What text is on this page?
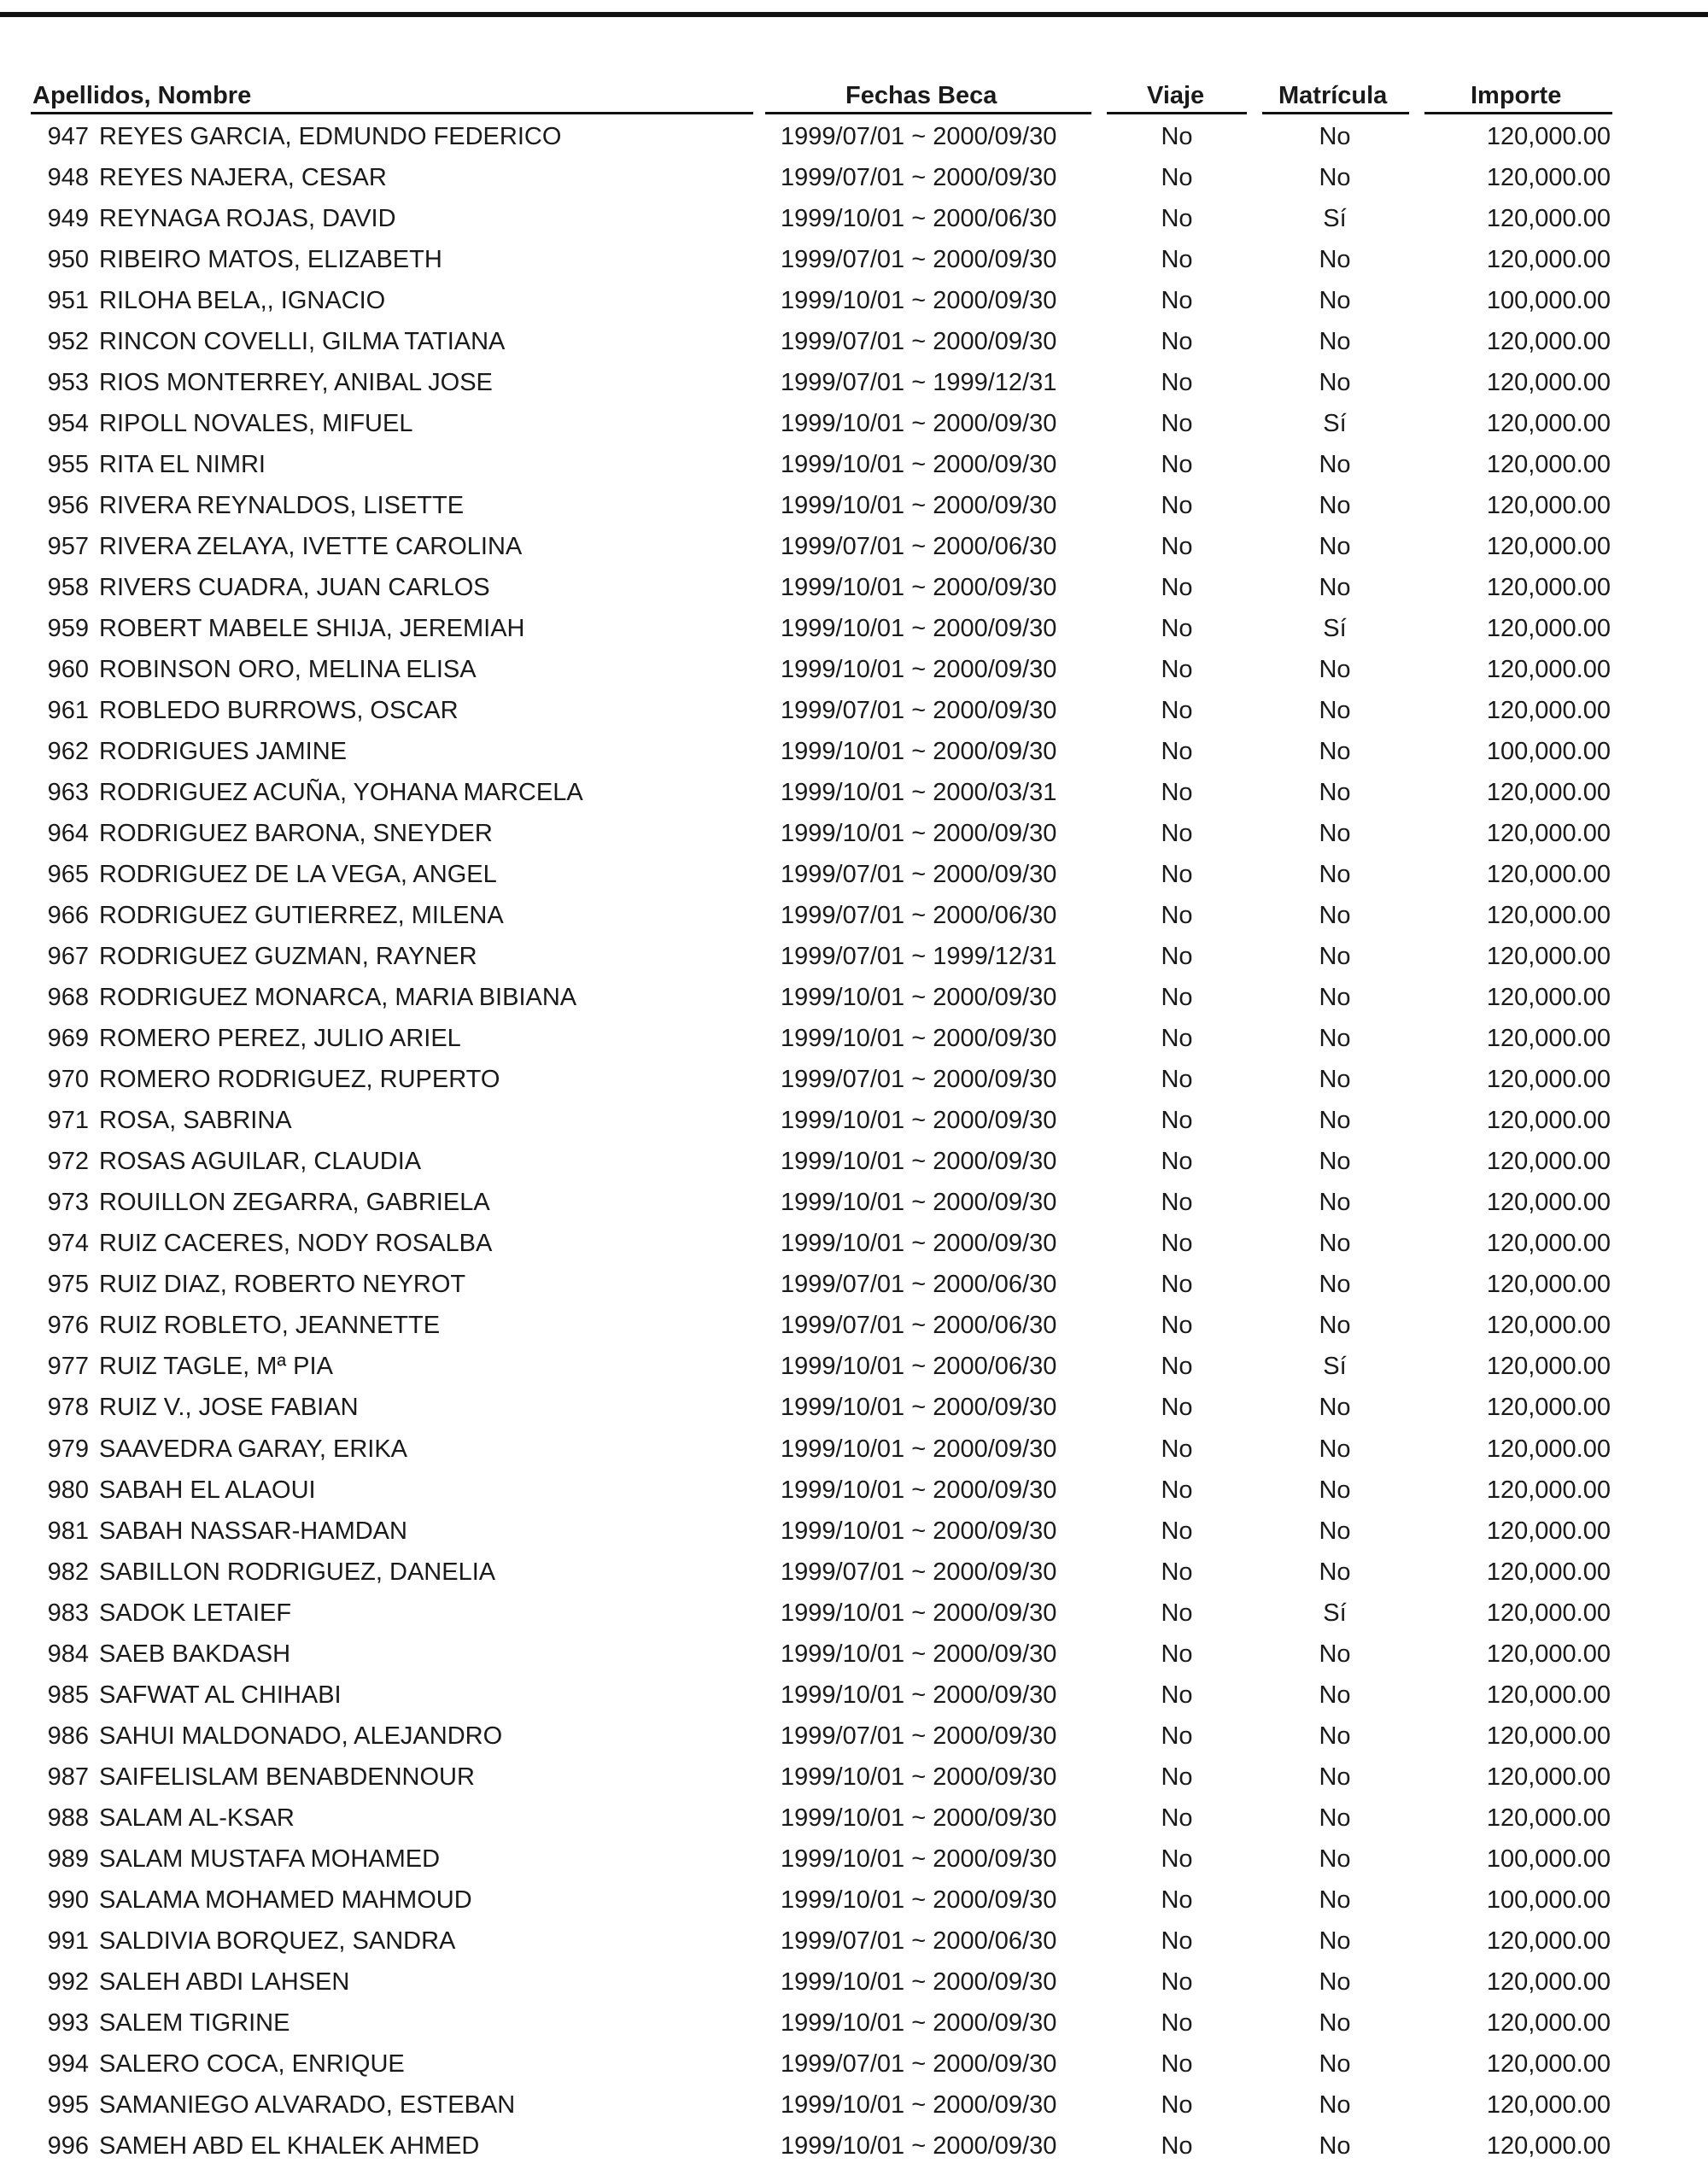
Apellidos, Nombre	Fechas Beca	Viaje	Matrícula	Importe
947 REYES GARCIA, EDMUNDO FEDERICO	1999/07/01 ~ 2000/09/30	No	No	120,000.00
948 REYES NAJERA, CESAR	1999/07/01 ~ 2000/09/30	No	No	120,000.00
949 REYNAGA ROJAS, DAVID	1999/10/01 ~ 2000/06/30	No	Sí	120,000.00
950 RIBEIRO MATOS, ELIZABETH	1999/07/01 ~ 2000/09/30	No	No	120,000.00
951 RILOHA BELA,, IGNACIO	1999/10/01 ~ 2000/09/30	No	No	100,000.00
952 RINCON COVELLI, GILMA TATIANA	1999/07/01 ~ 2000/09/30	No	No	120,000.00
953 RIOS MONTERREY, ANIBAL JOSE	1999/07/01 ~ 1999/12/31	No	No	120,000.00
954 RIPOLL NOVALES, MIFUEL	1999/10/01 ~ 2000/09/30	No	Sí	120,000.00
955 RITA EL NIMRI	1999/10/01 ~ 2000/09/30	No	No	120,000.00
956 RIVERA REYNALDOS, LISETTE	1999/10/01 ~ 2000/09/30	No	No	120,000.00
957 RIVERA ZELAYA, IVETTE CAROLINA	1999/07/01 ~ 2000/06/30	No	No	120,000.00
958 RIVERS CUADRA, JUAN CARLOS	1999/10/01 ~ 2000/09/30	No	No	120,000.00
959 ROBERT MABELE SHIJA, JEREMIAH	1999/10/01 ~ 2000/09/30	No	Sí	120,000.00
960 ROBINSON ORO, MELINA ELISA	1999/10/01 ~ 2000/09/30	No	No	120,000.00
961 ROBLEDO BURROWS, OSCAR	1999/07/01 ~ 2000/09/30	No	No	120,000.00
962 RODRIGUES JAMINE	1999/10/01 ~ 2000/09/30	No	No	100,000.00
963 RODRIGUEZ ACUÑA, YOHANA MARCELA	1999/10/01 ~ 2000/03/31	No	No	120,000.00
964 RODRIGUEZ BARONA, SNEYDER	1999/10/01 ~ 2000/09/30	No	No	120,000.00
965 RODRIGUEZ DE LA VEGA, ANGEL	1999/07/01 ~ 2000/09/30	No	No	120,000.00
966 RODRIGUEZ GUTIERREZ, MILENA	1999/07/01 ~ 2000/06/30	No	No	120,000.00
967 RODRIGUEZ GUZMAN, RAYNER	1999/07/01 ~ 1999/12/31	No	No	120,000.00
968 RODRIGUEZ MONARCA, MARIA BIBIANA	1999/10/01 ~ 2000/09/30	No	No	120,000.00
969 ROMERO PEREZ, JULIO ARIEL	1999/10/01 ~ 2000/09/30	No	No	120,000.00
970 ROMERO RODRIGUEZ, RUPERTO	1999/07/01 ~ 2000/09/30	No	No	120,000.00
971 ROSA, SABRINA	1999/10/01 ~ 2000/09/30	No	No	120,000.00
972 ROSAS AGUILAR, CLAUDIA	1999/10/01 ~ 2000/09/30	No	No	120,000.00
973 ROUILLON ZEGARRA, GABRIELA	1999/10/01 ~ 2000/09/30	No	No	120,000.00
974 RUIZ CACERES, NODY ROSALBA	1999/10/01 ~ 2000/09/30	No	No	120,000.00
975 RUIZ DIAZ, ROBERTO NEYROT	1999/07/01 ~ 2000/06/30	No	No	120,000.00
976 RUIZ ROBLETO, JEANNETTE	1999/07/01 ~ 2000/06/30	No	No	120,000.00
977 RUIZ TAGLE, Mª PIA	1999/10/01 ~ 2000/06/30	No	Sí	120,000.00
978 RUIZ V., JOSE FABIAN	1999/10/01 ~ 2000/09/30	No	No	120,000.00
979 SAAVEDRA GARAY, ERIKA	1999/10/01 ~ 2000/09/30	No	No	120,000.00
980 SABAH EL ALAOUI	1999/10/01 ~ 2000/09/30	No	No	120,000.00
981 SABAH NASSAR-HAMDAN	1999/10/01 ~ 2000/09/30	No	No	120,000.00
982 SABILLON RODRIGUEZ, DANELIA	1999/07/01 ~ 2000/09/30	No	No	120,000.00
983 SADOK LETAIEF	1999/10/01 ~ 2000/09/30	No	Sí	120,000.00
984 SAEB BAKDASH	1999/10/01 ~ 2000/09/30	No	No	120,000.00
985 SAFWAT AL CHIHABI	1999/10/01 ~ 2000/09/30	No	No	120,000.00
986 SAHUI MALDONADO, ALEJANDRO	1999/07/01 ~ 2000/09/30	No	No	120,000.00
987 SAIFELISLAM BENABDENNOUR	1999/10/01 ~ 2000/09/30	No	No	120,000.00
988 SALAM AL-KSAR	1999/10/01 ~ 2000/09/30	No	No	120,000.00
989 SALAM MUSTAFA MOHAMED	1999/10/01 ~ 2000/09/30	No	No	100,000.00
990 SALAMA MOHAMED MAHMOUD	1999/10/01 ~ 2000/09/30	No	No	100,000.00
991 SALDIVIA BORQUEZ, SANDRA	1999/07/01 ~ 2000/06/30	No	No	120,000.00
992 SALEH ABDI LAHSEN	1999/10/01 ~ 2000/09/30	No	No	120,000.00
993 SALEM TIGRINE	1999/10/01 ~ 2000/09/30	No	No	120,000.00
994 SALERO COCA, ENRIQUE	1999/07/01 ~ 2000/09/30	No	No	120,000.00
995 SAMANIEGO ALVARADO, ESTEBAN	1999/10/01 ~ 2000/09/30	No	No	120,000.00
996 SAMEH ABD EL KHALEK AHMED	1999/10/01 ~ 2000/09/30	No	No	120,000.00
